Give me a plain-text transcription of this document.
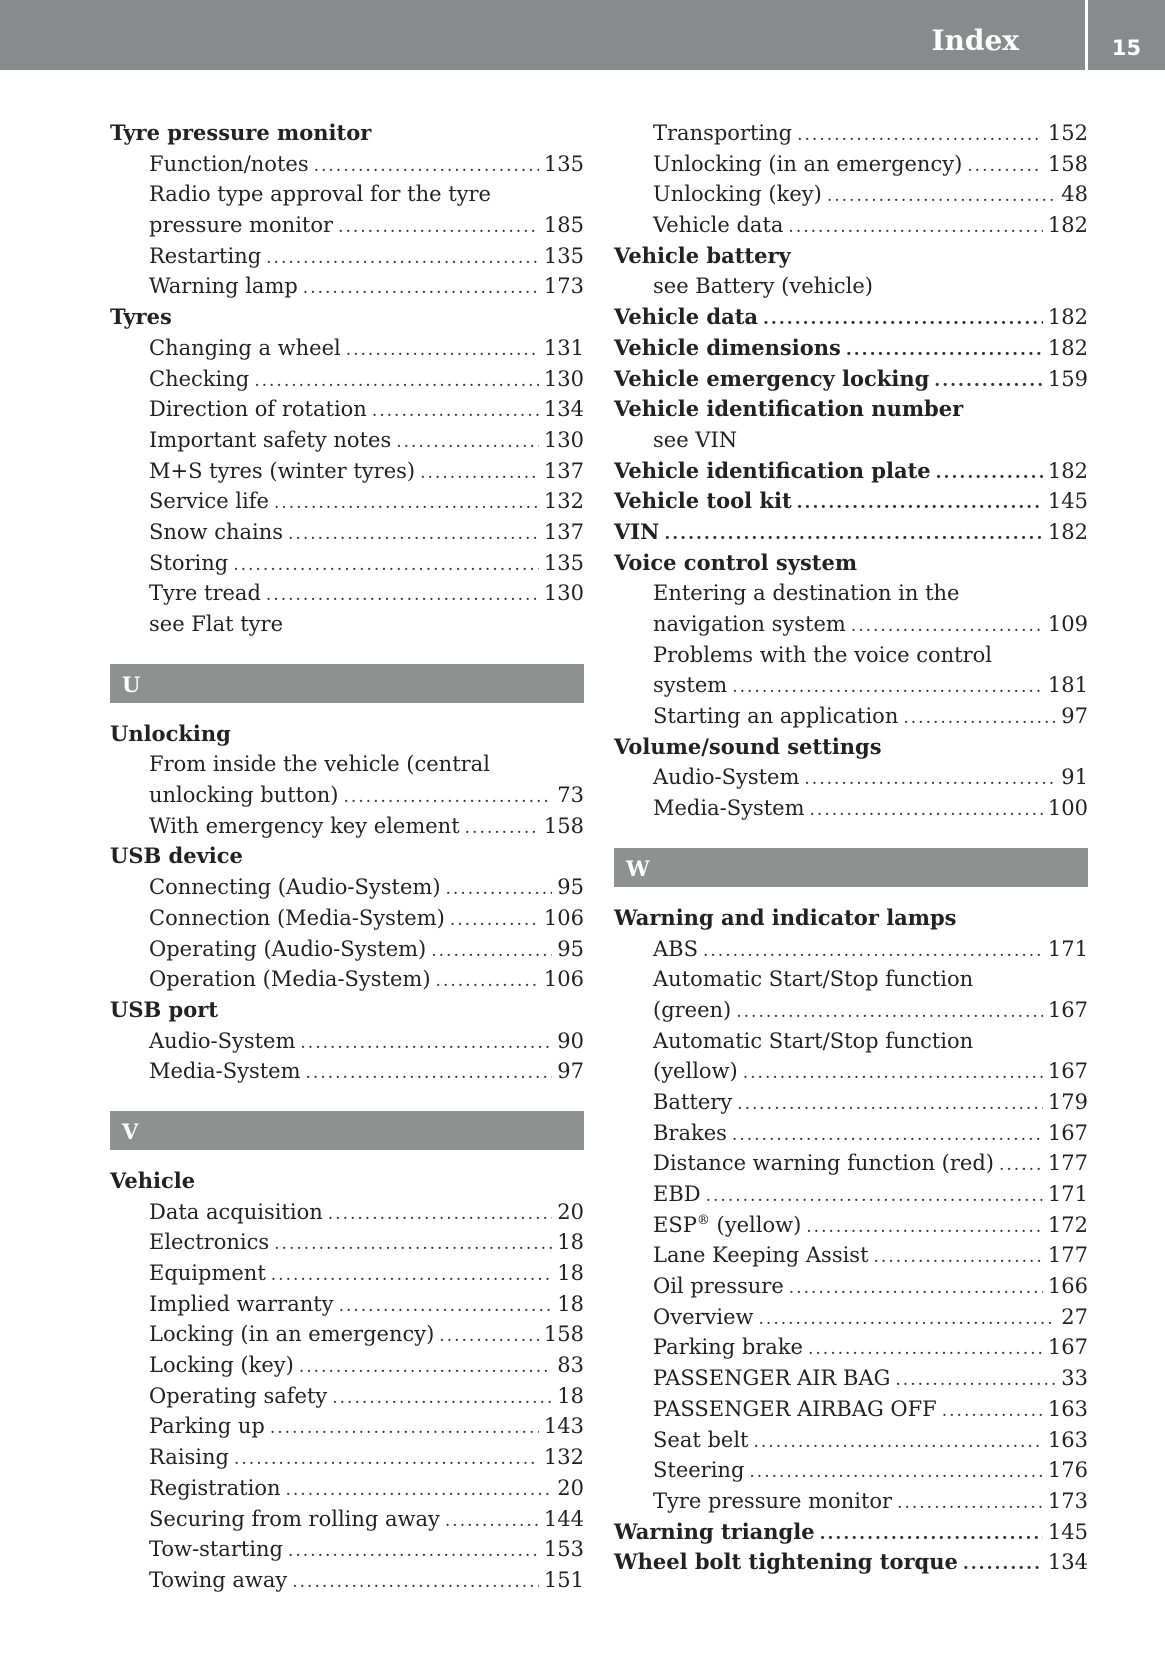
Index	15
Tyre pressure monitor
Function/notes .....	135
Radio type approval for the tyre
pressure monitor .....	185
Restarting .....	135
Warning lamp .....	173
Tyres
Changing a wheel .....	131
Checking .....	130
Direction of rotation .....	134
Important safety notes .....	130
M+S tyres (winter tyres) .....	137
Service life .....	132
Snow chains .....	137
Storing .....	135
Tyre tread .....	130
see Flat tyre
U
Unlocking
From inside the vehicle (central
unlocking button) .....	73
With emergency key element .....	158
USB device
Connecting (Audio-System) .....	95
Connection (Media-System) .....	106
Operating (Audio-System) .....	95
Operation (Media-System) .....	106
USB port
Audio-System .....	90
Media-System .....	97
V
Vehicle
Data acquisition .....	20
Electronics .....	18
Equipment .....	18
Implied warranty .....	18
Locking (in an emergency) .....	158
Locking (key) .....	83
Operating safety .....	18
Parking up .....	143
Raising .....	132
Registration .....	20
Securing from rolling away .....	144
Tow-starting .....	153
Towing away .....	151
Transporting .....	152
Unlocking (in an emergency) .....	158
Unlocking (key) .....	48
Vehicle data .....	182
Vehicle battery
see Battery (vehicle)
Vehicle data .....	182
Vehicle dimensions .....	182
Vehicle emergency locking .....	159
Vehicle identification number
see VIN
Vehicle identification plate .....	182
Vehicle tool kit .....	145
VIN .....	182
Voice control system
Entering a destination in the
navigation system .....	109
Problems with the voice control
system .....	181
Starting an application .....	97
Volume/sound settings
Audio-System .....	91
Media-System .....	100
W
Warning and indicator lamps
ABS .....	171
Automatic Start/Stop function
(green) .....	167
Automatic Start/Stop function
(yellow) .....	167
Battery .....	179
Brakes .....	167
Distance warning function (red) .....	177
EBD .....	171
ESP® (yellow) .....	172
Lane Keeping Assist .....	177
Oil pressure .....	166
Overview .....	27
Parking brake .....	167
PASSENGER AIR BAG .....	33
PASSENGER AIRBAG OFF .....	163
Seat belt .....	163
Steering .....	176
Tyre pressure monitor .....	173
Warning triangle .....	145
Wheel bolt tightening torque .....	134
